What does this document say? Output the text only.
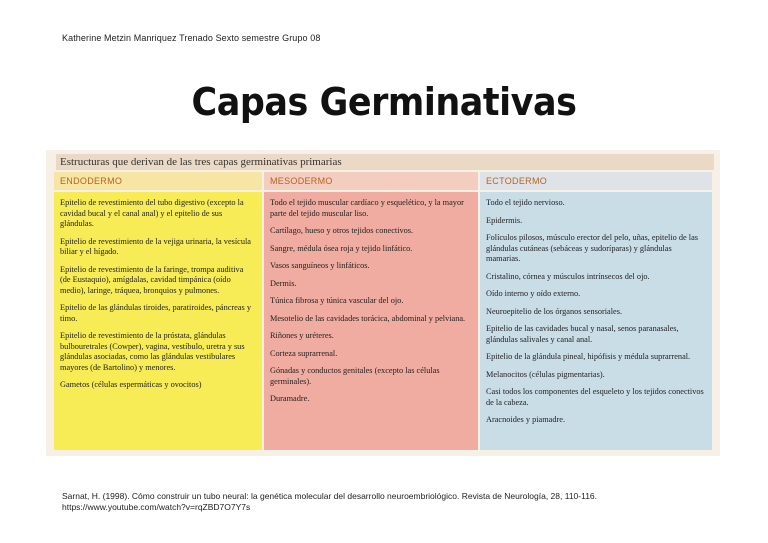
Katherine Metzin Manriquez Trenado Sexto semestre Grupo 08
Capas Germinativas
Estructuras que derivan de las tres capas germinativas primarias
ENDODERMO

Epitelio de revestimiento del tubo digestivo (excepto la cavidad bucal y el canal anal) y el epitelio de sus glándulas.

Epitelio de revestimiento de la vejiga urinaria, la vesícula biliar y el hígado.

Epitelio de revestimiento de la faringe, trompa auditiva (de Eustaquio), amígdalas, cavidad timpánica (oído medio), laringe, tráquea, bronquios y pulmones.

Epitelio de las glándulas tiroides, paratiroides, páncreas y timo.

Epitelio de revestimiento de la próstata, glándulas bulbouretrales (Cowper), vagina, vestíbulo, uretra y sus glándulas asociadas, como las glándulas vestibulares mayores (de Bartolino) y menores.

Gametos (células espermáticas y ovocitos)

MESODERMO

Todo el tejido muscular cardíaco y esquelético, y la mayor parte del tejido muscular liso.

Cartílago, hueso y otros tejidos conectivos.

Sangre, médula ósea roja y tejido linfático.

Vasos sanguíneos y linfáticos.

Dermis.

Túnica fibrosa y túnica vascular del ojo.

Mesotelio de las cavidades torácica, abdominal y pelviana.

Riñones y uréteres.

Corteza suprarrenal.

Gónadas y conductos genitales (excepto las células germinales).

Duramadre.

ECTODERMO

Todo el tejido nervioso.

Epidermis.

Folículos pilosos, músculo erector del pelo, uñas, epitelio de las glándulas cutáneas (sebáceas y sudoríparas) y glándulas mamarias.

Cristalino, córnea y músculos intrínsecos del ojo.

Oído interno y oído externo.

Neuroepitelio de los órganos sensoriales.

Epitelio de las cavidades bucal y nasal, senos paranasales, glándulas salivales y canal anal.

Epitelio de la glándula pineal, hipófisis y médula suprarrenal.

Melanocitos (células pigmentarias).

Casi todos los componentes del esqueleto y los tejidos conectivos de la cabeza.

Aracnoides y piamadre.

Sarnat, H. (1998). Cómo construir un tubo neural: la genética molecular del desarrollo neuroembriológico. Revista de Neurología, 28, 110-116.
https://www.youtube.com/watch?v=rqZBD7O7Y7s
